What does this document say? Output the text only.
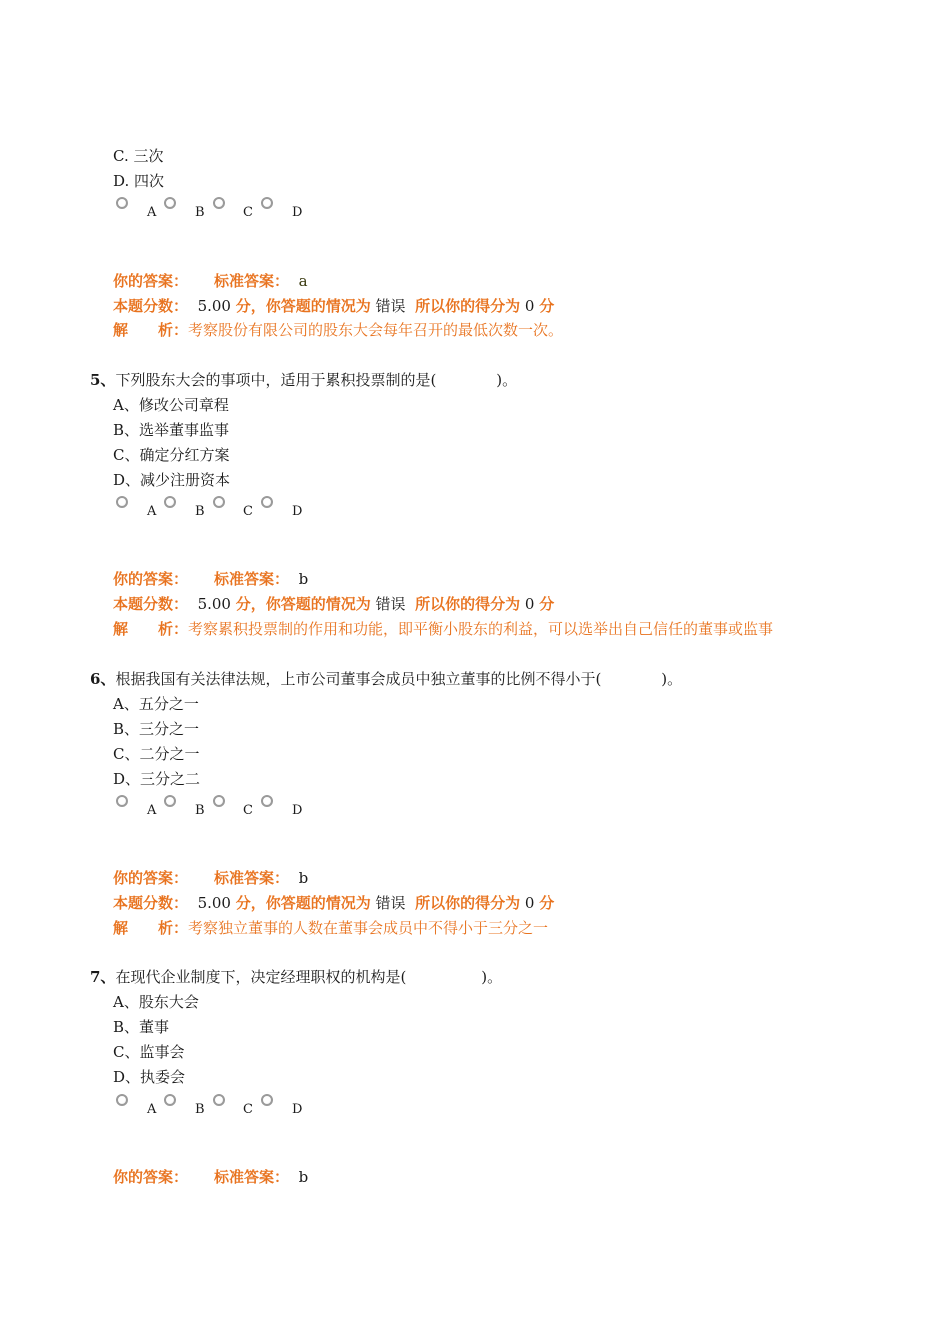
C. 三次
D. 四次
A	B	C	D
你的答案： 标准答案： a
本题分数： 5.00 分，你答题的情况为 错误 所以你的得分为 0 分
解　　析：考察股份有限公司的股东大会每年召开的最低次数一次。
5、下列股东大会的事项中，适用于累积投票制的是(　　　　)。
A、修改公司章程
B、选举董事监事
C、确定分红方案
D、减少注册资本
A	B	C	D
你的答案： 标准答案： b
本题分数： 5.00 分，你答题的情况为 错误 所以你的得分为 0 分
解　　析：考察累积投票制的作用和功能，即平衡小股东的利益，可以选举出自己信任的董事或监事
6、根据我国有关法律法规，上市公司董事会成员中独立董事的比例不得小于(　　　　)。
A、五分之一
B、三分之一
C、二分之一
D、三分之二
A	B	C	D
你的答案： 标准答案： b
本题分数： 5.00 分，你答题的情况为 错误 所以你的得分为 0 分
解　　析：考察独立董事的人数在董事会成员中不得小于三分之一
7、在现代企业制度下，决定经理职权的机构是(　　　　　)。
A、股东大会
B、董事
C、监事会
D、执委会
A	B	C	D
你的答案： 标准答案： b
